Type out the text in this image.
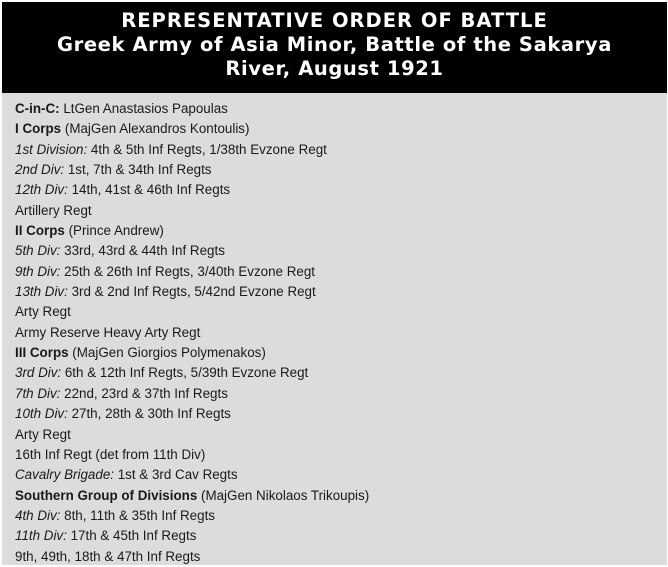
REPRESENTATIVE ORDER OF BATTLE
Greek Army of Asia Minor, Battle of the Sakarya
River, August 1921
C-in-C: LtGen Anastasios Papoulas
I Corps (MajGen Alexandros Kontoulis)
1st Division: 4th & 5th Inf Regts, 1/38th Evzone Regt
2nd Div: 1st, 7th & 34th Inf Regts
12th Div: 14th, 41st & 46th Inf Regts
Artillery Regt
II Corps (Prince Andrew)
5th Div: 33rd, 43rd & 44th Inf Regts
9th Div: 25th & 26th Inf Regts, 3/40th Evzone Regt
13th Div: 3rd & 2nd Inf Regts, 5/42nd Evzone Regt
Arty Regt
Army Reserve Heavy Arty Regt
III Corps (MajGen Giorgios Polymenakos)
3rd Div: 6th & 12th Inf Regts, 5/39th Evzone Regt
7th Div: 22nd, 23rd & 37th Inf Regts
10th Div: 27th, 28th & 30th Inf Regts
Arty Regt
16th Inf Regt (det from 11th Div)
Cavalry Brigade: 1st & 3rd Cav Regts
Southern Group of Divisions (MajGen Nikolaos Trikoupis)
4th Div: 8th, 11th & 35th Inf Regts
11th Div: 17th & 45th Inf Regts
9th, 49th, 18th & 47th Inf Regts
